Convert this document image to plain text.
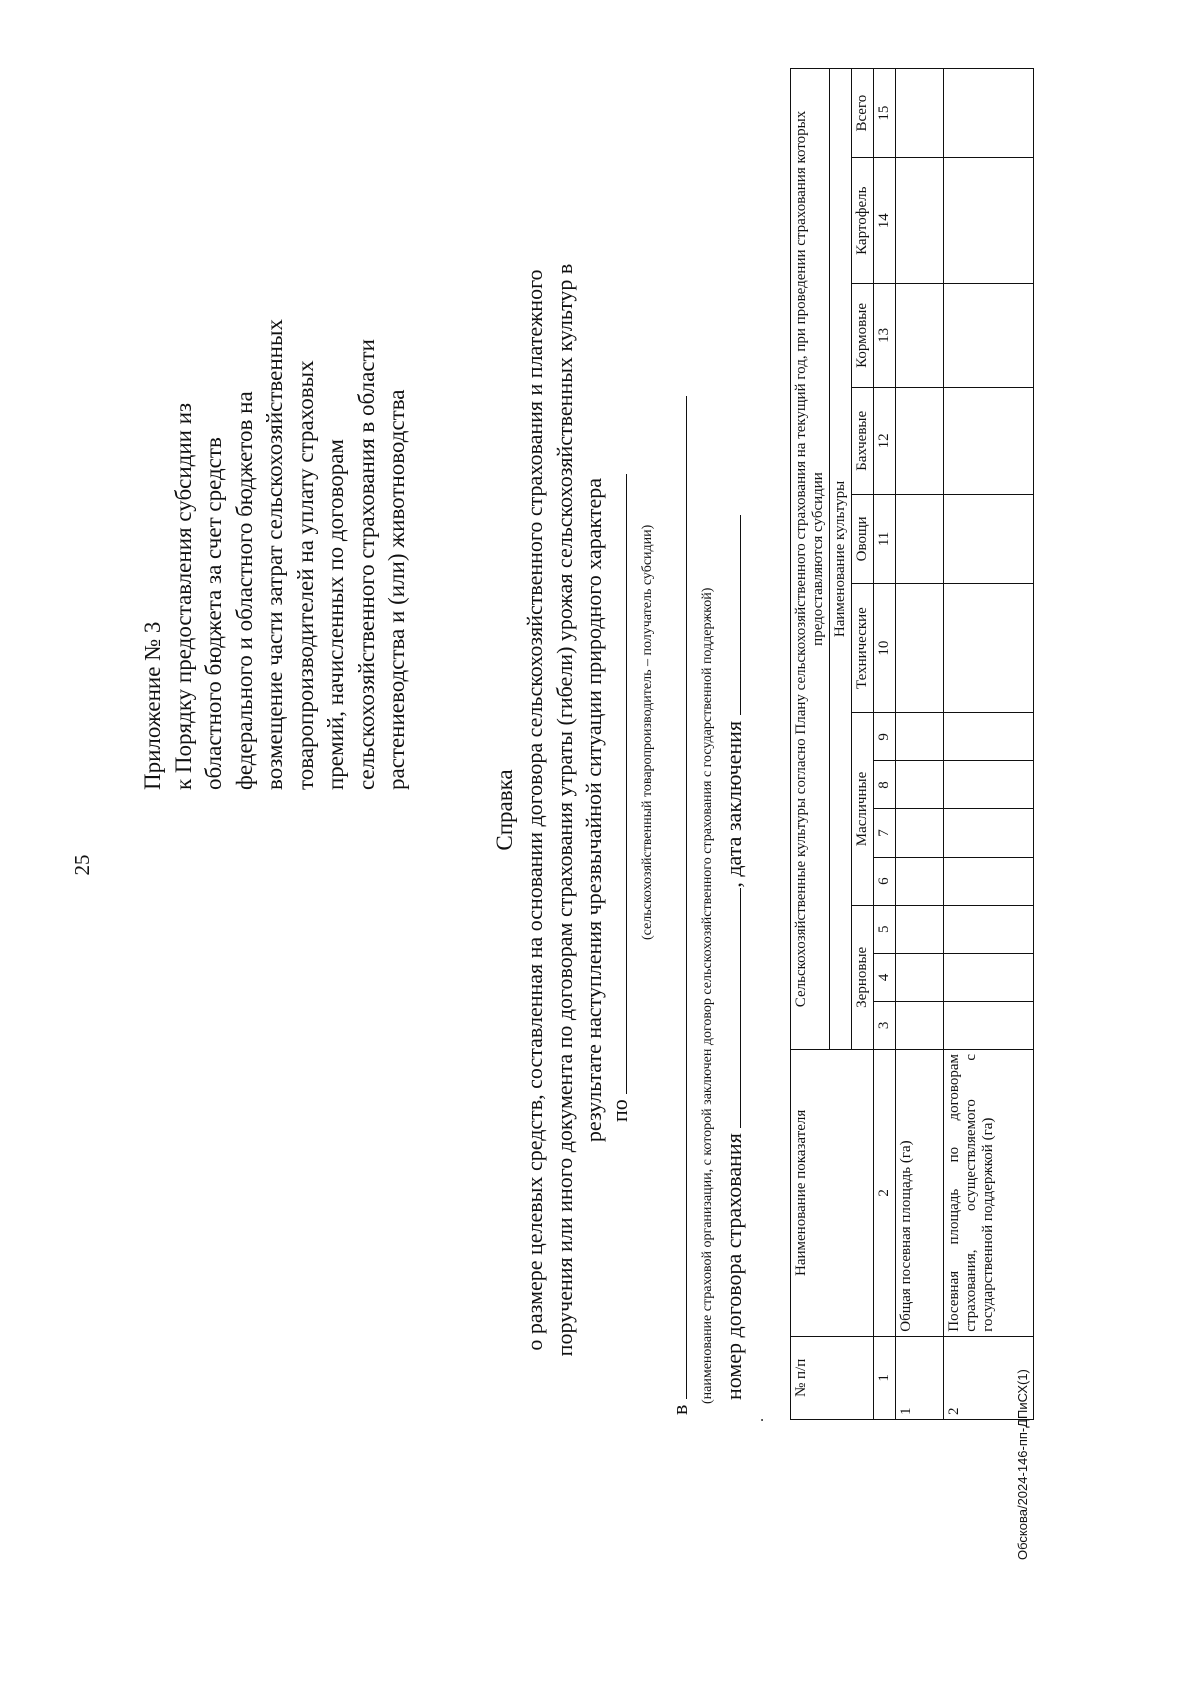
25
Приложение № 3 к Порядку предоставления субсидии из областного бюджета за счет средств федерального и областного бюджетов на возмещение части затрат сельскохозяйственных товаропроизводителей на уплату страховых премий, начисленных по договорам сельскохозяйственного страхования в области растениеводства и (или) животноводства
Справка о размере целевых средств, составленная на основании договора сельскохозяйственного страхования и платежного поручения или иного документа по договорам страхования утраты (гибели) урожая сельскохозяйственных культур в результате наступления чрезвычайной ситуации природного характера по
(сельскохозяйственный товаропроизводитель – получатель субсидии)
в
(наименование страховой организации, с которой заключен договор сельскохозяйственного страхования с государственной поддержкой) номер договора страхования , дата заключения
.
№ п/п	Наименование показателя	Сельскохозяйственные культуры согласно Плану сельскохозяйственного страхования на текущий год, при проведении страхования которых предоставляются субсидии												
		Наименование культуры												
		Зерновые			Масличные				Технические	Овощи	Бахчевые	Кормовые	Картофель	Всего
1	2	3	4	5	6	7	8	9	10	11	12	13	14	15
1	Общая посевная площадь (га)													
2	Посевная площадь по договорам страхования, осуществляемого с государственной поддержкой (га)													
Обскова/2024-146-пп-ДПиСХ(1)
